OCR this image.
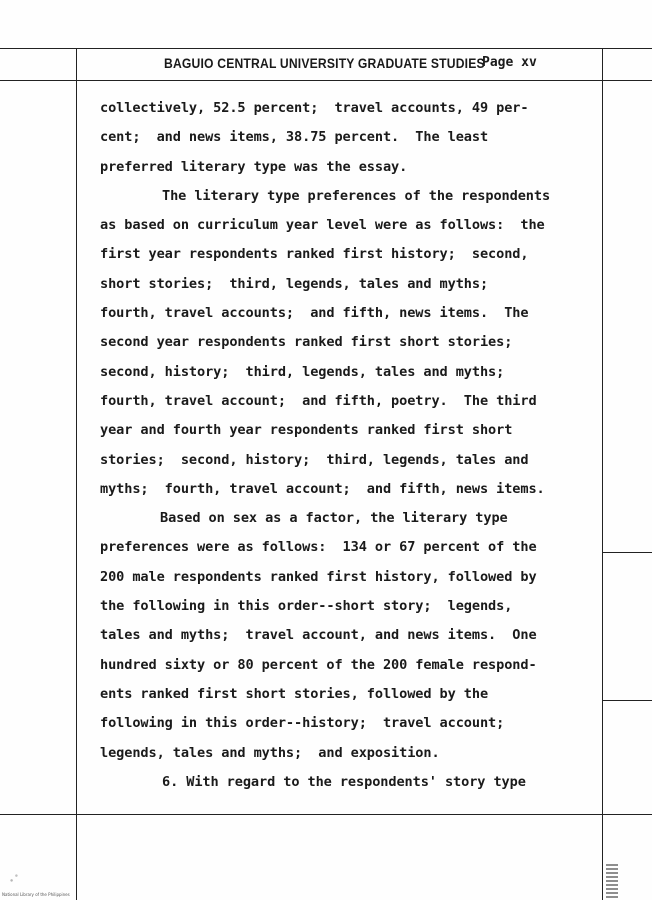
BAGUIO CENTRAL UNIVERSITY GRADUATE STUDIES
Page xv
collectively, 52.5 percent;  travel accounts, 49 per-
cent;  and news items, 38.75 percent.  The least
preferred literary type was the essay.
The literary type preferences of the respondents
as based on curriculum year level were as follows:  the
first year respondents ranked first history;  second,
short stories;  third, legends, tales and myths;
fourth, travel accounts;  and fifth, news items.  The
second year respondents ranked first short stories;
second, history;  third, legends, tales and myths;
fourth, travel account;  and fifth, poetry.  The third
year and fourth year respondents ranked first short
stories;  second, history;  third, legends, tales and
myths;  fourth, travel account;  and fifth, news items.
Based on sex as a factor, the literary type
preferences were as follows:  134 or 67 percent of the
200 male respondents ranked first history, followed by
the following in this order--short story;  legends,
tales and myths;  travel account, and news items.  One
hundred sixty or 80 percent of the 200 female respond-
ents ranked first short stories, followed by the
following in this order--history;  travel account;
legends, tales and myths;  and exposition.
6. With regard to the respondents' story type
National Library of the Philippines
